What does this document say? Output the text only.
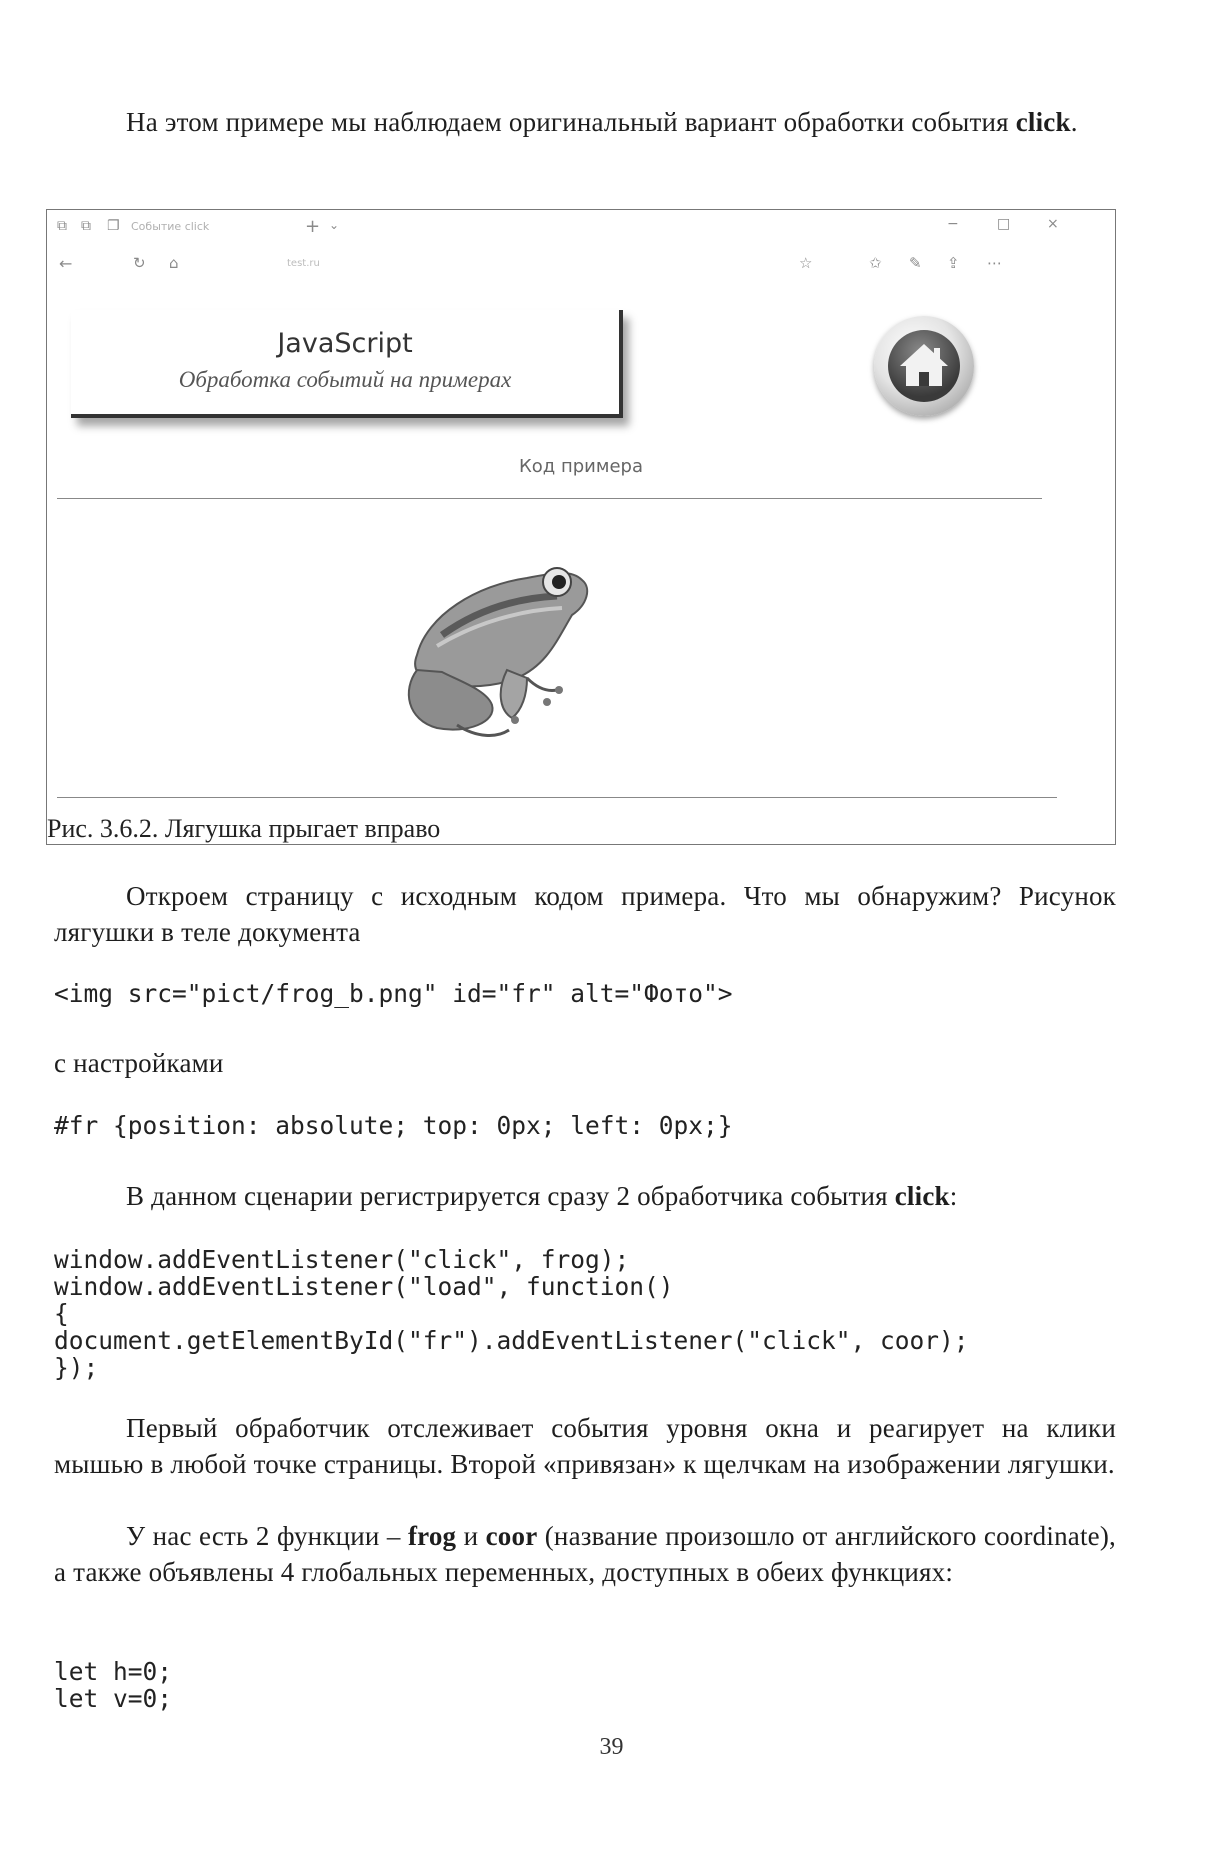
На этом примере мы наблюдаем оригинальный вариант обработки события click.
⧉ ⧉ ❐ Событие click	+ ⌄	−	□	×
←	↻ ⌂	test.ru	☆	✩ ✎ ⇪ ⋯
JavaScript
Обработка событий на примерах
Код примера
Рис. 3.6.2. Лягушка прыгает вправо
Откроем страницу с исходным кодом примера. Что мы обнаружим? Рисунок лягушки в теле документа
<img src="pict/frog_b.png" id="fr" alt="Фото">
с настройками
#fr {position: absolute; top: 0px; left: 0px;}
В данном сценарии регистрируется сразу 2 обработчика события click:
window.addEventListener("click", frog);
window.addEventListener("load", function()
{
document.getElementById("fr").addEventListener("click", coor);
});
Первый обработчик отслеживает события уровня окна и реагирует на клики мышью в любой точке страницы. Второй «привязан» к щелчкам на изображении лягушки.
У нас есть 2 функции – frog и coor (название произошло от английского coordinate), а также объявлены 4 глобальных переменных, доступных в обеих функциях:
let h=0;
let v=0;
39
